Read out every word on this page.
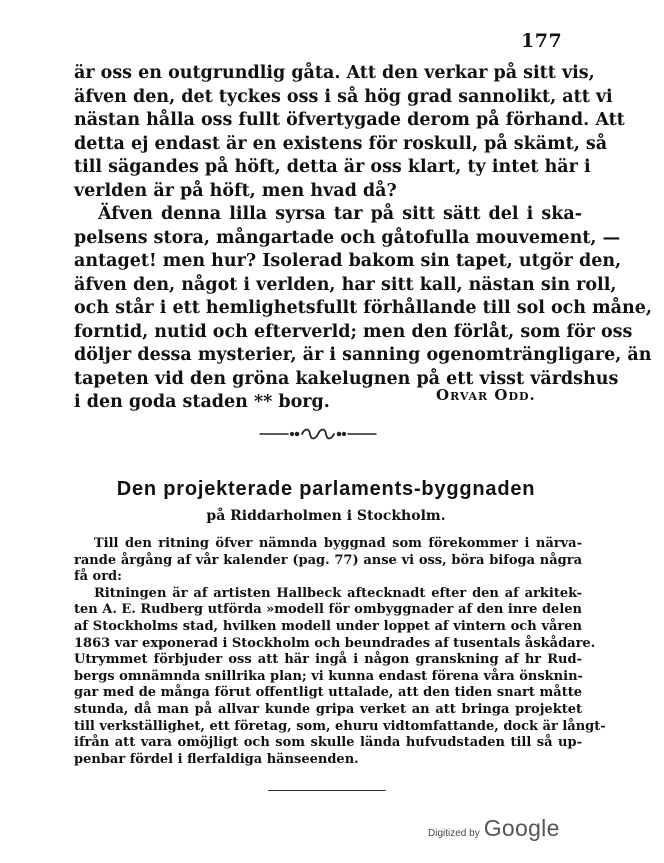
177
är oss en outgrundlig gåta. Att den verkar på sitt vis,
äfven den, det tyckes oss i så hög grad sannolikt, att vi
nästan hålla oss fullt öfvertygade derom på förhand. Att
detta ej endast är en existens för roskull, på skämt, så
till sägandes på höft, detta är oss klart, ty intet här i
verlden är på höft, men hvad då?
Äfven denna lilla syrsa tar på sitt sätt del i ska-
pelsens stora, mångartade och gåtofulla mouvement, —
antaget! men hur? Isolerad bakom sin tapet, utgör den,
äfven den, något i verlden, har sitt kall, nästan sin roll,
och står i ett hemlighetsfullt förhållande till sol och måne,
forntid, nutid och efterverld; men den förlåt, som för oss
döljer dessa mysterier, är i sanning ogenomträngligare, än
tapeten vid den gröna kakelugnen på ett visst värdshus
i den goda staden ** borg.	Orvar Odd.
Den projekterade parlaments-byggnaden
på Riddarholmen i Stockholm.
Till den ritning öfver nämnda byggnad som förekommer i närva-
rande årgång af vår kalender (pag. 77) anse vi oss, böra bifoga några
få ord:
Ritningen är af artisten Hallbeck aftecknadt efter den af arkitek-
ten A. E. Rudberg utförda »modell för ombyggnader af den inre delen
af Stockholms stad, hvilken modell under loppet af vintern och våren
1863 var exponerad i Stockholm och beundrades af tusentals åskådare.
Utrymmet förbjuder oss att här ingå i någon granskning af hr Rud-
bergs omnämnda snillrika plan; vi kunna endast förena våra önsknin-
gar med de många förut offentligt uttalade, att den tiden snart måtte
stunda, då man på allvar kunde gripa verket an att bringa projektet
till verkställighet, ett företag, som, ehuru vidtomfattande, dock är långt-
ifrån att vara omöjligt och som skulle lända hufvudstaden till så up-
penbar fördel i flerfaldiga hänseenden.
Digitized by Google
